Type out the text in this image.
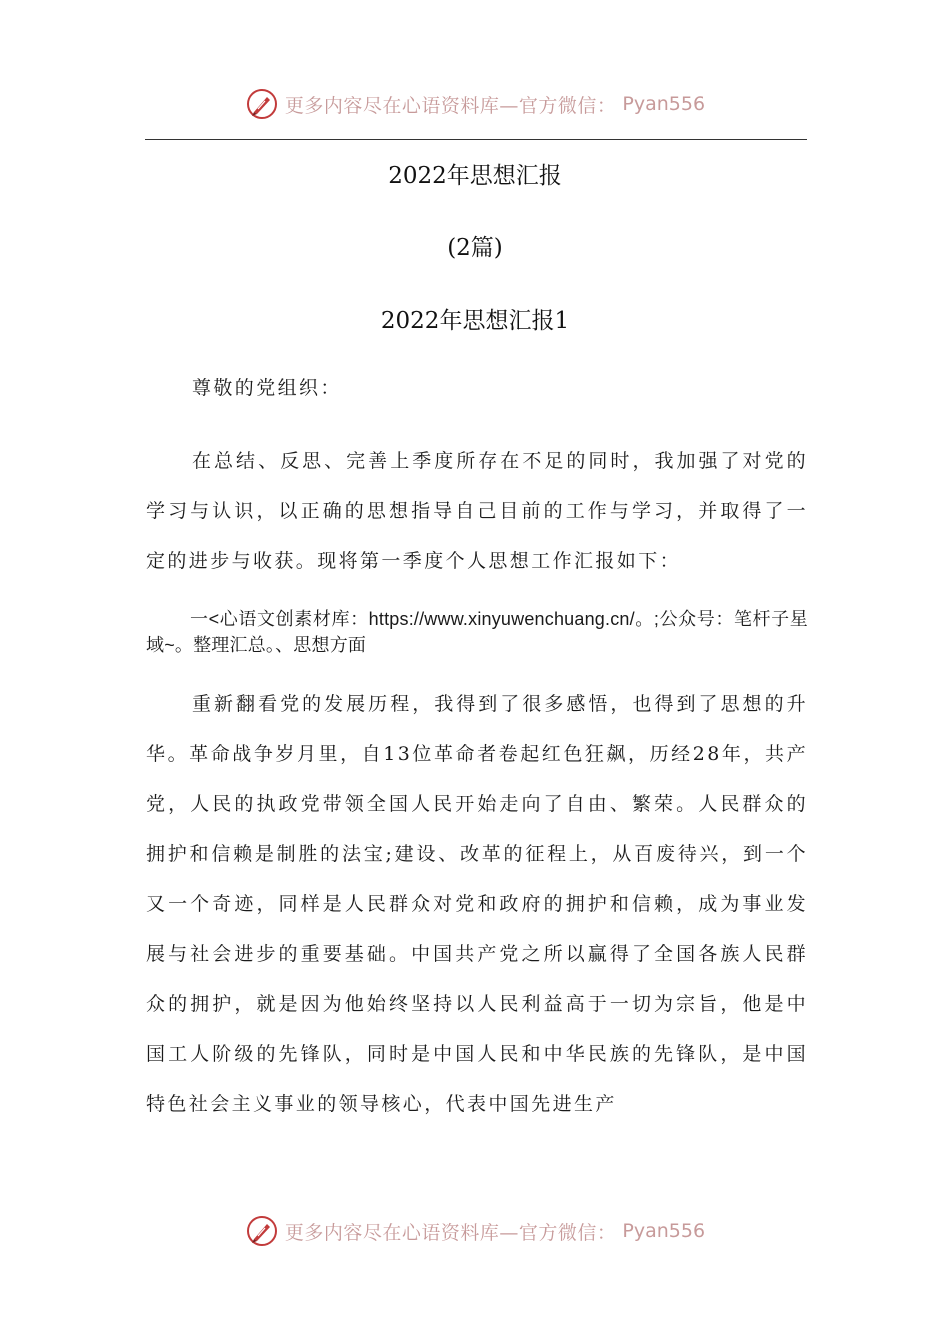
更多内容尽在心语资料库—官方微信： Pyan556
2022年思想汇报
(2篇)
2022年思想汇报1

尊敬的党组织：

在总结、反思、完善上季度所存在不足的同时，我加强了对党的学习与认识，以正确的思想指导自己目前的工作与学习，并取得了一定的进步与收获。现将第一季度个人思想工作汇报如下：

一<心语文创素材库：https://www.xinyuwenchuang.cn/。;公众号：笔杆子星域~。整理汇总。、思想方面

重新翻看党的发展历程，我得到了很多感悟，也得到了思想的升华。革命战争岁月里，自13位革命者卷起红色狂飙，历经28年，共产党，人民的执政党带领全国人民开始走向了自由、繁荣。人民群众的拥护和信赖是制胜的法宝;建设、改革的征程上，从百废待兴，到一个又一个奇迹，同样是人民群众对党和政府的拥护和信赖，成为事业发展与社会进步的重要基础。中国共产党之所以赢得了全国各族人民群众的拥护，就是因为他始终坚持以人民利益高于一切为宗旨，他是中国工人阶级的先锋队，同时是中国人民和中华民族的先锋队，是中国特色社会主义事业的领导核心，代表中国先进生产

更多内容尽在心语资料库—官方微信： Pyan556
